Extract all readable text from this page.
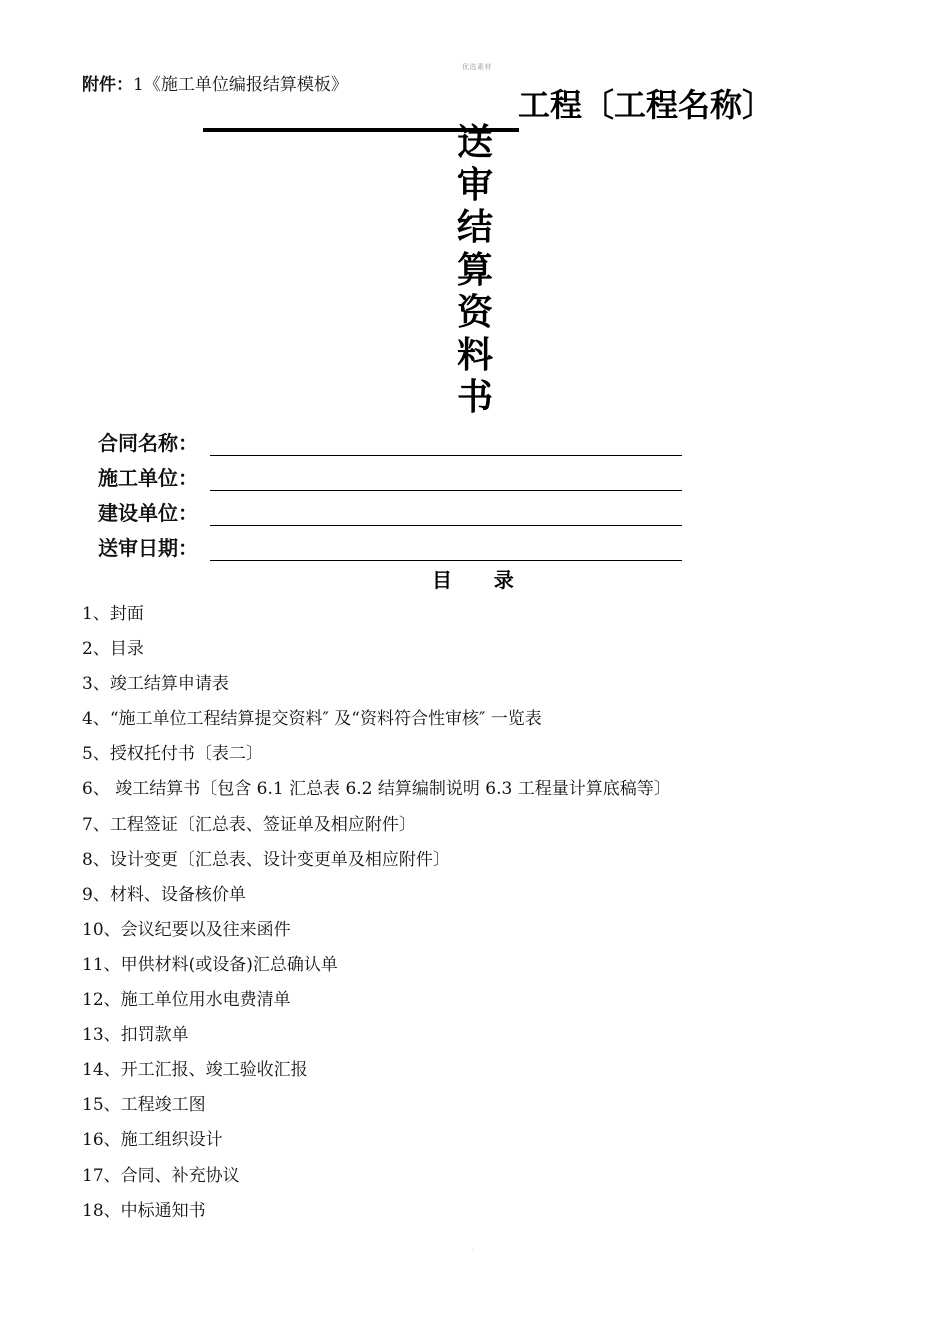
优选素材
附件：1《施工单位编报结算模板》
工程〔工程名称〕
送
审
结
算
资
料
书
合同名称：
施工单位：
建设单位：
送审日期：
目      录
1、封面
2、目录
3、竣工结算申请表
4、“施工单位工程结算提交资料″ 及“资料符合性审核″ 一览表
5、授权托付书〔表二〕
6、 竣工结算书〔包含 6.1 汇总表 6.2 结算编制说明 6.3 工程量计算底稿等〕
7、工程签证〔汇总表、签证单及相应附件〕
8、设计变更〔汇总表、设计变更单及相应附件〕
9、材料、设备核价单
10、会议纪要以及往来函件
11、甲供材料(或设备)汇总确认单
12、施工单位用水电费清单
13、扣罚款单
14、开工汇报、竣工验收汇报
15、工程竣工图
16、施工组织设计
17、合同、补充协议
18、中标通知书
.
